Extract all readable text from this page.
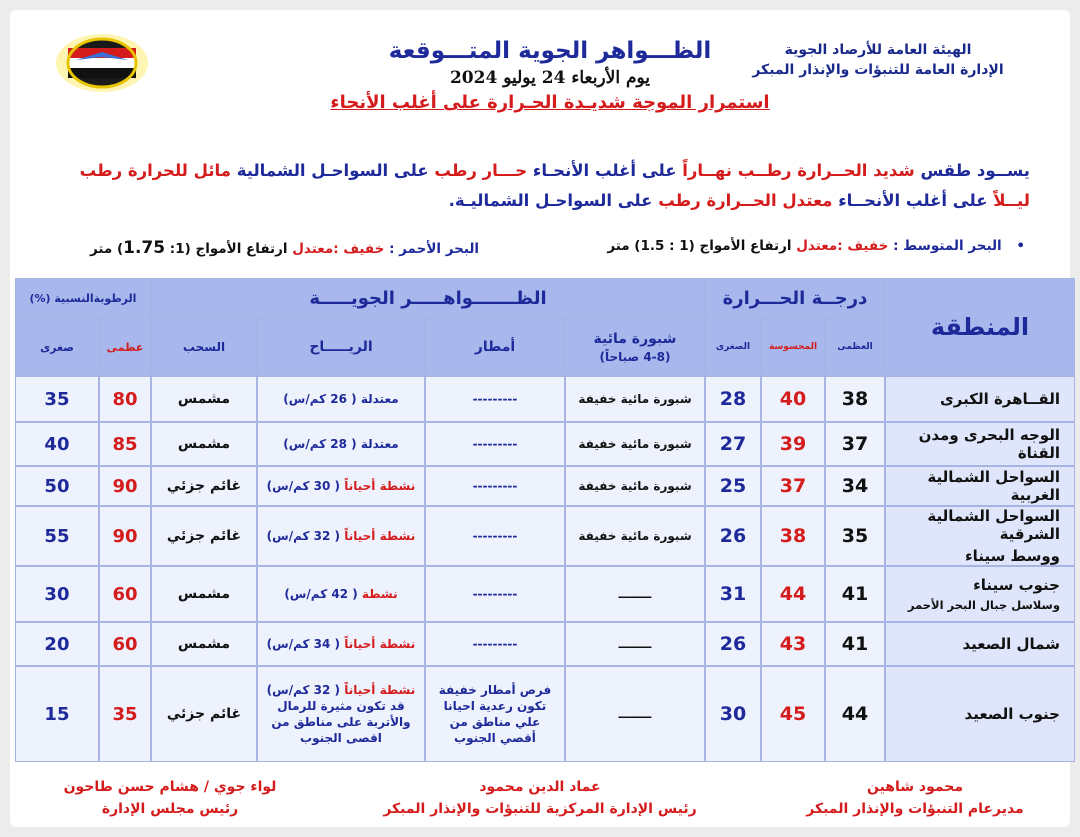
الهيئة العامة للأرصاد الجوية
الإدارة العامة للتنبؤات والإنذار المبكر
الظـــواهر الجوية المتـــوقعة
يوم الأربعاء 24 يوليو 2024
استمرار الموجة شديـدة الحـرارة على أغلب الأنحاء
يســود طقس شديد الحــرارة رطــب نهــاراً على أغلب الأنحـاء حـــار رطب على السواحـل الشمالية مائل للحرارة رطب ليــلاً على أغلب الأنحــاء معتدل الحــرارة رطب على السواحـل الشماليـة.
• البحر المتوسط : خفيف :معتدل ارتفاع الأمواج (1 : 1.5) متر
البحر الأحمر : خفيف :معتدل ارتفاع الأمواج (1: 1.75) متر
المنطقة	درجــة الحـــرارة			الظـــــــواهـــــر الجويـــــة				الرطوبةالنسبية (%)	
	العظمى	المحسوسة	الصغرى	شبورة مائية
(4-8 صباحاً)	أمطار	الريـــــاح	السحب	عظمى	صغرى

القــاهرة الكبرى	38	40	28	شبورة مائية خفيفة	---------	معتدلة ( 26 كم/س)	مشمس	80	35

الوجه البحرى ومدن القناة	37	39	27	شبورة مائية خفيفة	---------	معتدلة ( 28 كم/س)	مشمس	85	40

السواحل الشمالية الغربية	34	37	25	شبورة مائية خفيفة	---------	نشطة أحياناً ( 30 كم/س)	غائم جزئي	90	50

السواحل الشمالية الشرقية
ووسط سيناء	35	38	26	شبورة مائية خفيفة	---------	نشطة أحياناً ( 32 كم/س)	غائم جزئي	90	55

جنوب سيناء
وسلاسل جبال البحر الأحمر	41	44	31	ــــــــ	---------	نشطة ( 42 كم/س)	مشمس	60	30

شمال الصعيد	41	43	26	ــــــــ	---------	نشطة أحياناً ( 34 كم/س)	مشمس	60	20

جنوب الصعيد	44	45	30	ــــــــ	فرص أمطار خفيفة تكون رعدية احيانا علي مناطق من أقصي الجنوب	نشطة أحياناً ( 32 كم/س) قد تكون مثيرة للرمال والأتربة على مناطق من اقصى الجنوب	غائم جزئي	35	15
محمود شاهين
مديرعام التنبؤات والإنذار المبكر
عماد الدين محمود
رئيس الإدارة المركزية للتنبؤات والإنذار المبكر
لواء جوي / هشام حسن طاحون
رئيس مجلس الإدارة
